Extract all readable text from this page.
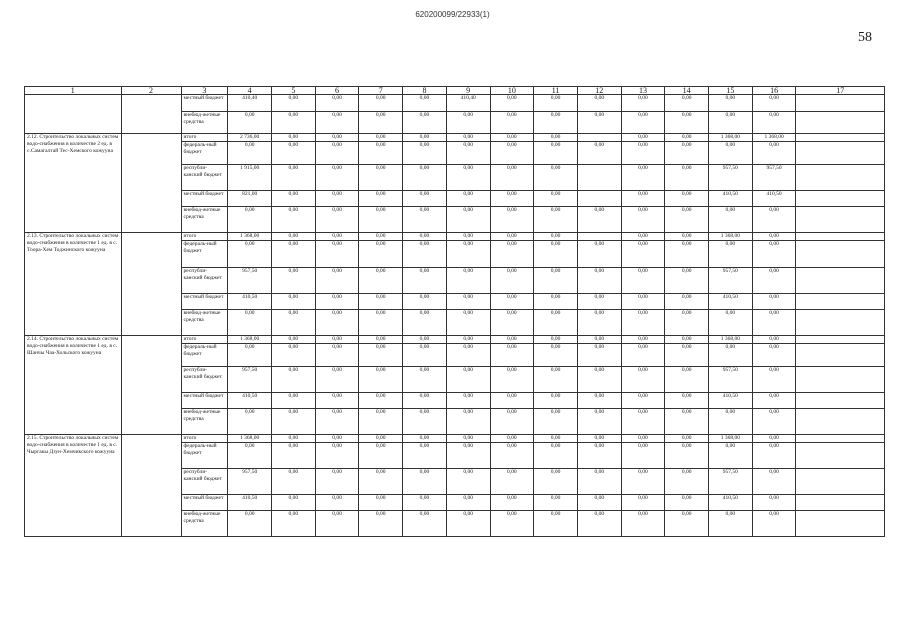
620200099/22933(1)
58
1	2	3	4	5	6	7	8	9	10	11	12	13	14	15	16	17
		местный бюджет	410,40	0,00	0,00	0,00	0,00	410,40	0,00	0,00	0,00	0,00	0,00	0,00	0,00	
		внебюд-жетные средства	0,00	0,00	0,00	0,00	0,00	0,00	0,00	0,00	0,00	0,00	0,00	0,00	0,00	
2.12. Строительство локальных систем водо-снабжения в количестве 2 ед. в с.Самагалтай Тес-Хемского кожууна		итого	2 736,00	0,00	0,00	0,00	0,00	0,00	0,00	0,00		0,00	0,00	1 368,00	1 368,00	
		федераль-ный бюджет	0,00	0,00	0,00	0,00	0,00	0,00	0,00	0,00	0,00	0,00	0,00	0,00	0,00	
		республи-канский бюджет	1 915,00	0,00	0,00	0,00	0,00	0,00	0,00	0,00		0,00	0,00	957,50	957,50	
		местный бюджет	821,00	0,00	0,00	0,00	0,00	0,00	0,00	0,00		0,00	0,00	410,50	410,50	
		внебюд-жетные средства	0,00	0,00	0,00	0,00	0,00	0,00	0,00	0,00	0,00	0,00	0,00	0,00	0,00	
2.13. Строительство локальных систем водо-снабжения в количестве 1 ед. в с. Тоора-Хем Тоджинского кожууна		итого	1 368,00	0,00	0,00	0,00	0,00	0,00	0,00	0,00		0,00	0,00	1 368,00	0,00	
		федераль-ный бюджет	0,00	0,00	0,00	0,00	0,00	0,00	0,00	0,00	0,00	0,00	0,00	0,00	0,00	
		республи-канский бюджет	957,50	0,00	0,00	0,00	0,00	0,00	0,00	0,00	0,00	0,00	0,00	957,50	0,00	
		местный бюджет	410,50	0,00	0,00	0,00	0,00	0,00	0,00	0,00	0,00	0,00	0,00	410,50	0,00	
		внебюд-жетные средства	0,00	0,00	0,00	0,00	0,00	0,00	0,00	0,00	0,00	0,00	0,00	0,00	0,00	
2.14. Строительство локальных систем водо-снабжения в количестве 1 ед. в с. Шанчы Чаа-Хольского кожууна		итого	1 368,00	0,00	0,00	0,00	0,00	0,00	0,00	0,00	0,00	0,00	0,00	1 368,00	0,00	
		федераль-ный бюджет	0,00	0,00	0,00	0,00	0,00	0,00	0,00	0,00	0,00	0,00	0,00	0,00	0,00	
		республи-канский бюджет	957,50	0,00	0,00	0,00	0,00	0,00	0,00	0,00	0,00	0,00	0,00	957,50	0,00	
		местный бюджет	410,50	0,00	0,00	0,00	0,00	0,00	0,00	0,00	0,00	0,00	0,00	410,50	0,00	
		внебюд-жетные средства	0,00	0,00	0,00	0,00	0,00	0,00	0,00	0,00	0,00	0,00	0,00	0,00	0,00	
2.15. Строительство локальных систем водо-снабжения в количестве 1 ед. в с. Чыргакы Дзун-Хемчикского кожууна		итого	1 368,00	0,00	0,00	0,00	0,00	0,00	0,00	0,00	0,00	0,00	0,00	1 368,00	0,00	
		федераль-ный бюджет	0,00	0,00	0,00	0,00	0,00	0,00	0,00	0,00	0,00	0,00	0,00	0,00	0,00	
		республи-канский бюджет	957,50	0,00	0,00	0,00	0,00	0,00	0,00	0,00	0,00	0,00	0,00	957,50	0,00	
		местный бюджет	410,50	0,00	0,00	0,00	0,00	0,00	0,00	0,00	0,00	0,00	0,00	410,50	0,00	
		внебюд-жетные средства	0,00	0,00	0,00	0,00	0,00	0,00	0,00	0,00	0,00	0,00	0,00	0,00	0,00	
